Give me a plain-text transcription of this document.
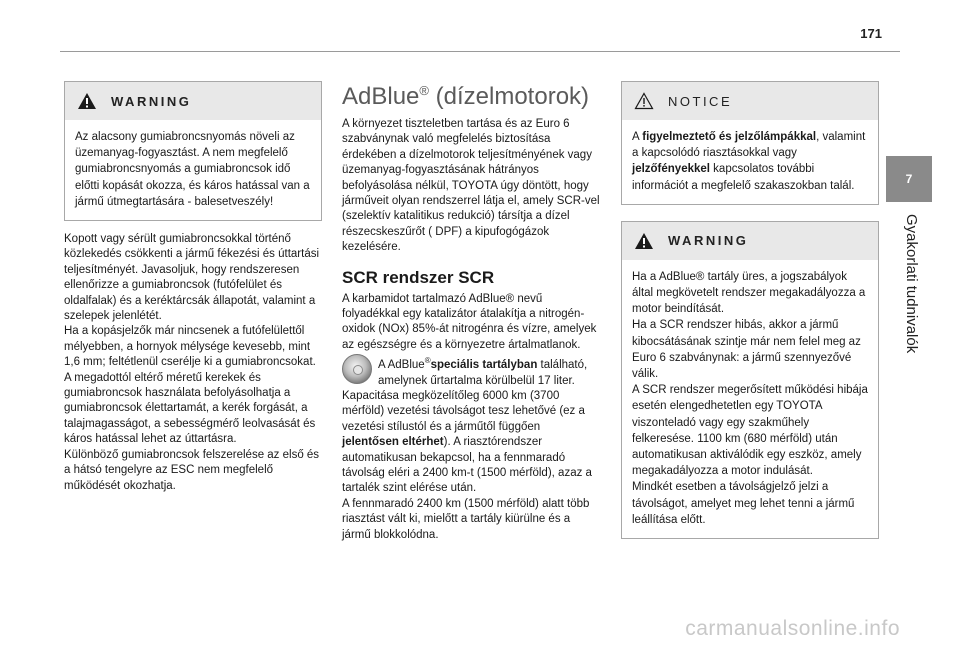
171
7
Gyakorlati tudnivalók
WARNING
Az alacsony gumiabroncsnyomás növeli az üzemanyag-fogyasztást. A nem megfelelő gumiabroncsnyomás a gumiabroncsok idő előtti kopását okozza, és káros hatással van a jármű útmegtartására - balesetveszély!

Kopott vagy sérült gumiabroncsokkal történő közlekedés csökkenti a jármű fékezési és úttartási teljesítményét. Javasoljuk, hogy rendszeresen ellenőrizze a gumiabroncsok (futófelület és oldalfalak) és a keréktárcsák állapotát, valamint a szelepek jelenlétét.

Ha a kopásjelzők már nincsenek a futófelülettől mélyebben, a hornyok mélysége kevesebb, mint 1,6 mm; feltétlenül cserélje ki a gumiabroncsokat.

A megadottól eltérő méretű kerekek és gumiabroncsok használata befolyásolhatja a gumiabroncsok élettartamát, a kerék forgását, a talajmagasságot, a sebességmérő leolvasását és káros hatással lehet az úttartásra.

Különböző gumiabroncsok felszerelése az első és a hátsó tengelyre az ESC nem megfelelő működését okozhatja.

AdBlue® (dízelmotorok)
A környezet tiszteletben tartása és az Euro 6 szabványnak való megfelelés biztosítása érdekében a dízelmotorok teljesítményének vagy üzemanyag-fogyasztásának hátrányos befolyásolása nélkül, TOYOTA úgy döntött, hogy járműveit olyan rendszerrel látja el, amely SCR-vel (szelektív katalitikus redukció) társítja a dízel részecskeszűrőt ( DPF) a kipufogógázok kezelésére.
SCR rendszer SCR
A karbamidot tartalmazó AdBlue® nevű folyadékkal egy katalizátor átalakítja a nitrogén-oxidok (NOx) 85%-át nitrogénra és vízre, amelyek az egészségre és a környezetre ártalmatlanok.
A AdBlue®speciális tartályban található, amelynek űrtartalma körülbelül 17 liter.
Kapacitása megközelítőleg 6000 km (3700 mérföld) vezetési távolságot tesz lehetővé (ez a vezetési stílustól és a járműtől függően jelentősen eltérhet). A riasztórendszer automatikusan bekapcsol, ha a fennmaradó távolság eléri a 2400 km-t (1500 mérföld), azaz a tartalék szint elérése után.
A fennmaradó 2400 km (1500 mérföld) alatt több riasztást vált ki, mielőtt a tartály kiürülne és a jármű blokkolódna.
NOTICE
A figyelmeztető és jelzőlámpákkal, valamint a kapcsolódó riasztásokkal vagy jelzőfényekkel kapcsolatos további információt a megfelelő szakaszokban talál.
WARNING

Ha a AdBlue® tartály üres, a jogszabályok által megkövetelt rendszer megakadályozza a motor beindítását.

Ha a SCR rendszer hibás, akkor a jármű kibocsátásának szintje már nem felel meg az Euro 6 szabványnak: a jármű szennyezővé válik.

A SCR rendszer megerősített működési hibája esetén elengedhetetlen egy TOYOTA viszonteladó vagy egy szakműhely felkeresése. 1100 km (680 mérföld) után automatikusan aktiválódik egy eszköz, amely megakadályozza a motor indulását.

Mindkét esetben a távolságjelző jelzi a távolságot, amelyet meg lehet tenni a jármű leállítása előtt.

carmanualsonline.info
